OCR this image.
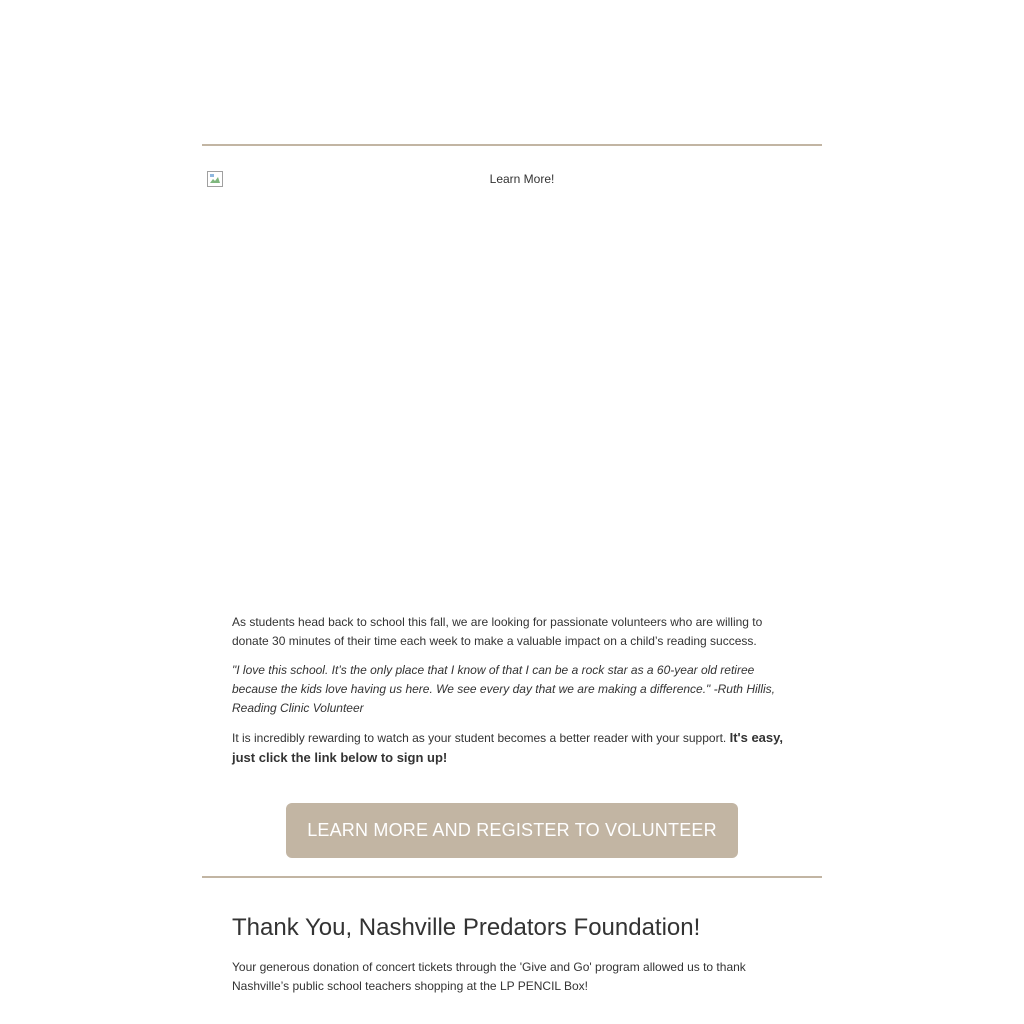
Learn More!

As students head back to school this fall, we are looking for passionate volunteers who are willing to donate 30 minutes of their time each week to make a valuable impact on a child’s reading success.

"I love this school. It’s the only place that I know of that I can be a rock star as a 60-year old retiree because the kids love having us here. We see every day that we are making a difference." -Ruth Hillis, Reading Clinic Volunteer

It is incredibly rewarding to watch as your student becomes a better reader with your support. It's easy, just click the link below to sign up!

LEARN MORE AND REGISTER TO VOLUNTEER
Thank You, Nashville Predators Foundation!

Your generous donation of concert tickets through the 'Give and Go' program allowed us to thank Nashville’s public school teachers shopping at the LP PENCIL Box!
